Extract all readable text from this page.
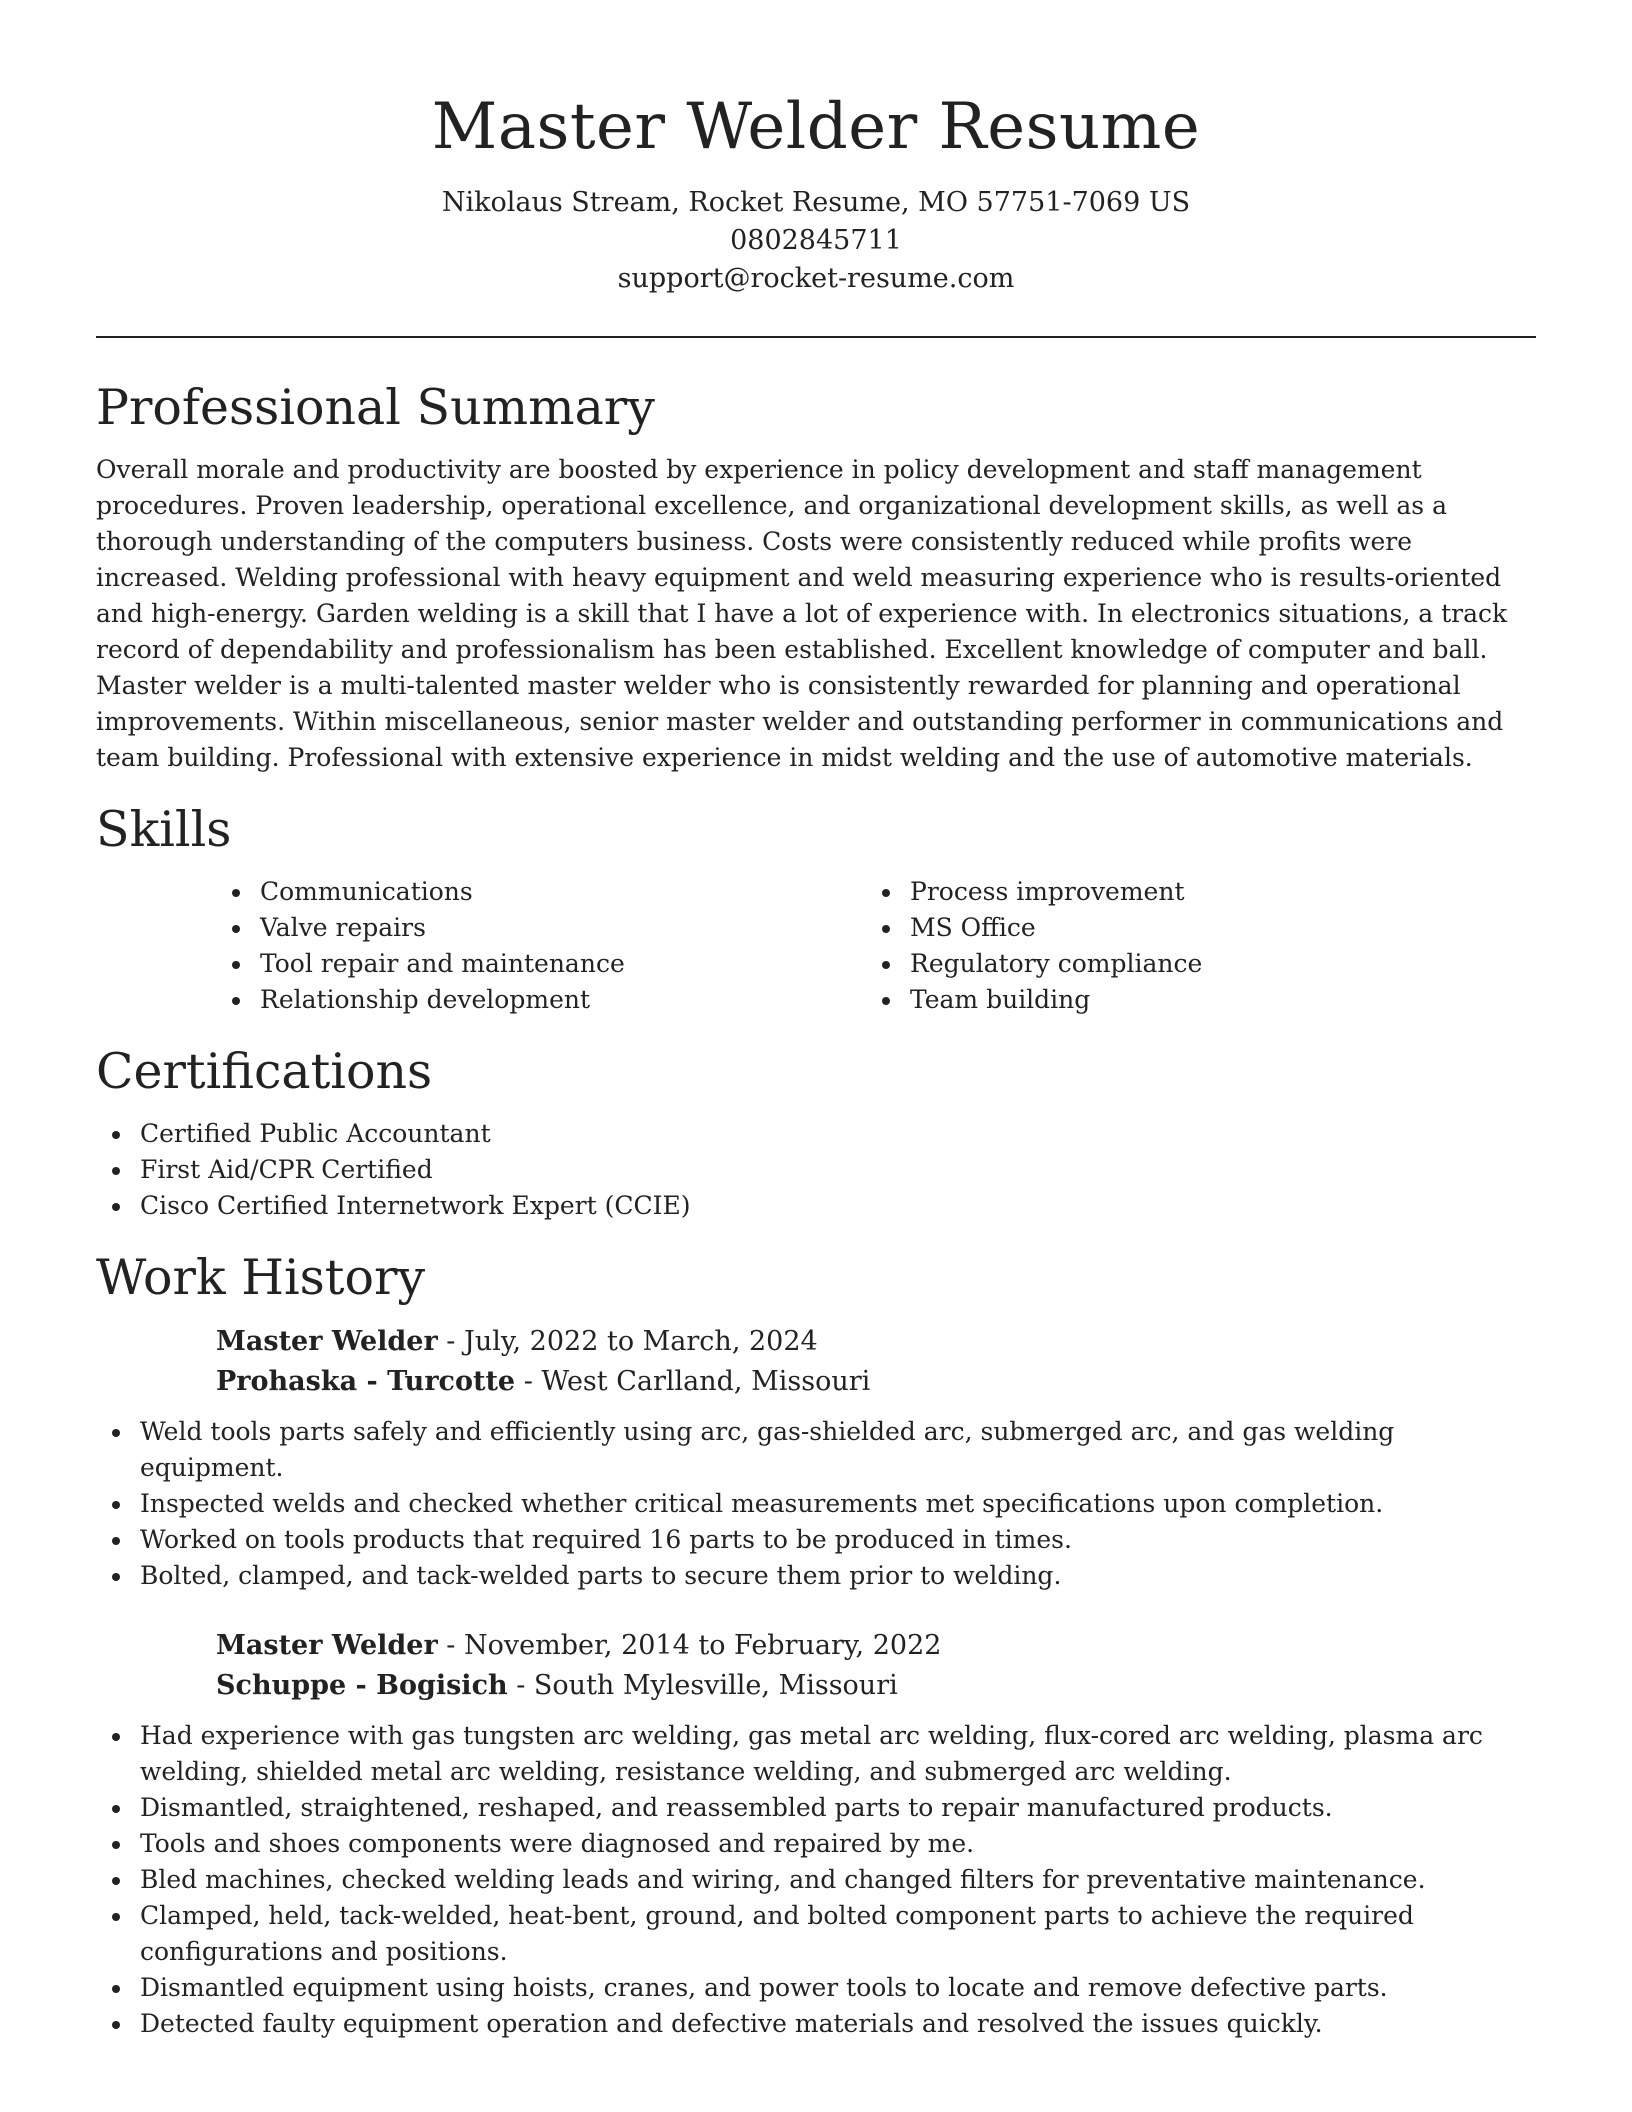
Master Welder Resume

Nikolaus Stream, Rocket Resume, MO 57751-7069 US

0802845711

support@rocket-resume.com

Professional Summary

Overall morale and productivity are boosted by experience in policy development and staff management procedures. Proven leadership, operational excellence, and organizational development skills, as well as a thorough understanding of the computers business. Costs were consistently reduced while profits were increased. Welding professional with heavy equipment and weld measuring experience who is results-oriented and high-energy. Garden welding is a skill that I have a lot of experience with. In electronics situations, a track record of dependability and professionalism has been established. Excellent knowledge of computer and ball. Master welder is a multi-talented master welder who is consistently rewarded for planning and operational improvements. Within miscellaneous, senior master welder and outstanding performer in communications and team building. Professional with extensive experience in midst welding and the use of automotive materials.

Skills
Communications
Valve repairs
Tool repair and maintenance
Relationship development
Process improvement
MS Office
Regulatory compliance
Team building
Certifications
Certified Public Accountant
First Aid/CPR Certified
Cisco Certified Internetwork Expert (CCIE)
Work History

Master Welder - July, 2022 to March, 2024

Prohaska - Turcotte - West Carlland, Missouri

Weld tools parts safely and efficiently using arc, gas-shielded arc, submerged arc, and gas welding equipment.
Inspected welds and checked whether critical measurements met specifications upon completion.
Worked on tools products that required 16 parts to be produced in times.
Bolted, clamped, and tack-welded parts to secure them prior to welding.

Master Welder - November, 2014 to February, 2022

Schuppe - Bogisich - South Mylesville, Missouri

Had experience with gas tungsten arc welding, gas metal arc welding, flux-cored arc welding, plasma arc welding, shielded metal arc welding, resistance welding, and submerged arc welding.
Dismantled, straightened, reshaped, and reassembled parts to repair manufactured products.
Tools and shoes components were diagnosed and repaired by me.
Bled machines, checked welding leads and wiring, and changed filters for preventative maintenance.
Clamped, held, tack-welded, heat-bent, ground, and bolted component parts to achieve the required configurations and positions.
Dismantled equipment using hoists, cranes, and power tools to locate and remove defective parts.
Detected faulty equipment operation and defective materials and resolved the issues quickly.
